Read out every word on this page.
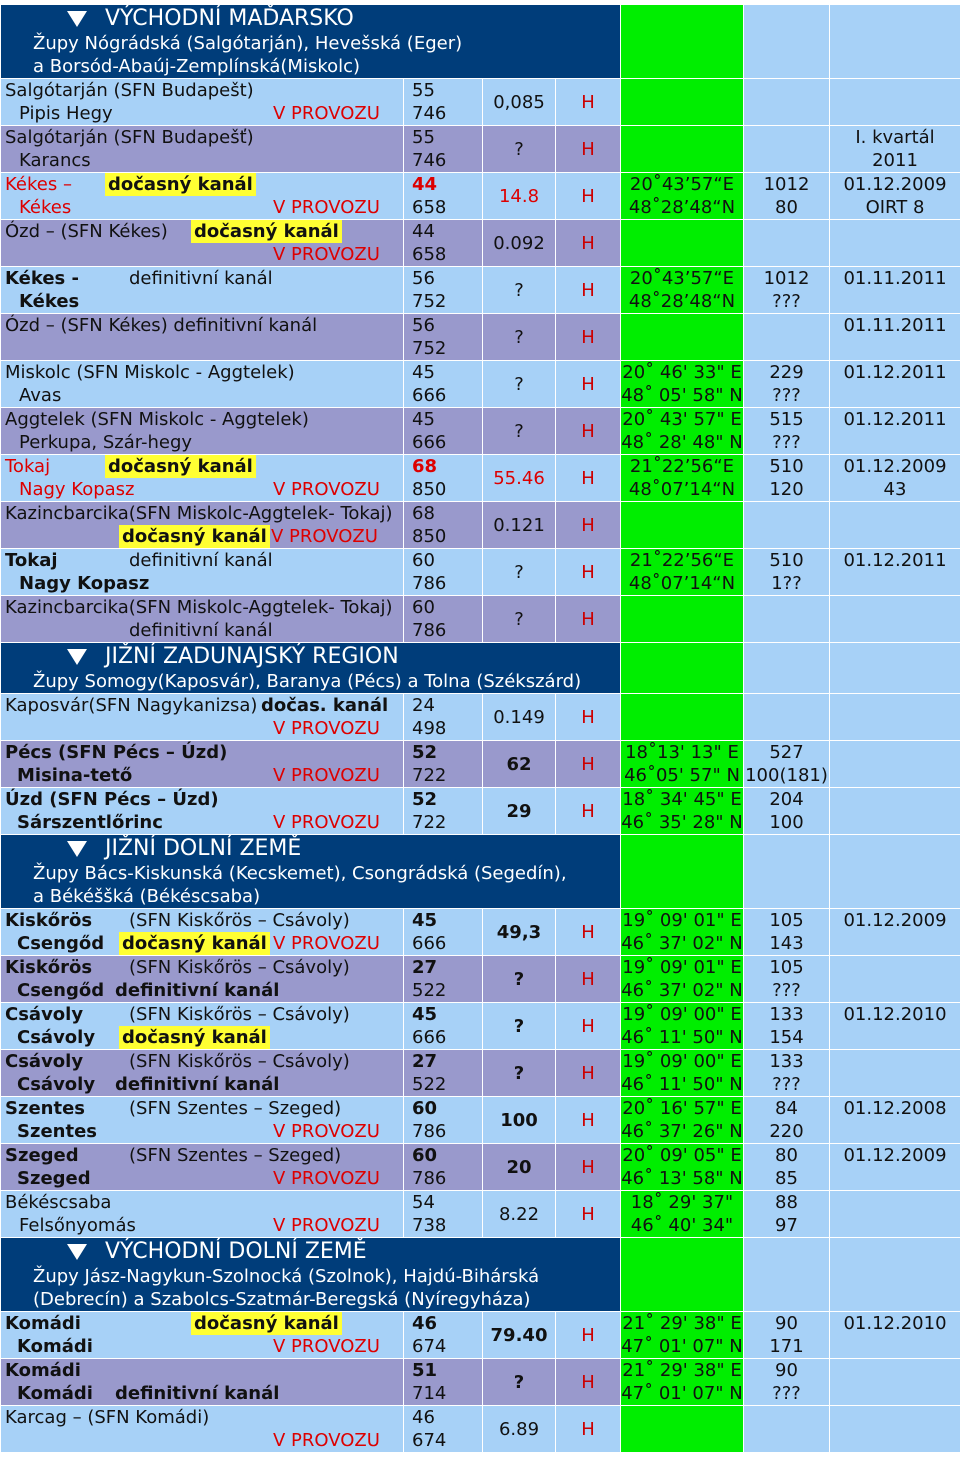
VÝCHODNÍ MAĎARSKO
Župy Nógrádská (Salgótarján), Hevešská (Eger)
a Borsód-Abaúj-Zemplínská(Miskolc)						

Salgótarján (SFN Budapešt)
Pipis Hegy V PROVOZU	55
746	0,085	H	

Salgótarján (SFN Budapešť)
Karancs	55
746	?	H			I. kvartál
2011

Kékes – dočasný kanál
Kékes V PROVOZU	44
658	14.8	H	20˚43’57“E
48˚28’48“N	1012
80	01.12.2009
OIRT 8

Ózd – (SFN Kékes) dočasný kanál
V PROVOZU	44
658	0.092	H	

Kékes - definitivní kanál
Kékes	56
752	?	H	20˚43’57“E
48˚28’48“N	1012
???	01.11.2011

Ózd – (SFN Kékes) definitivní kanál	56
752	?	H			01.11.2011

Miskolc (SFN Miskolc - Aggtelek)
Avas	45
666	?	H	20˚ 46' 33" E
48˚ 05' 58" N	229
???	01.12.2011

Aggtelek (SFN Miskolc - Aggtelek)
Perkupa, Szár-hegy	45
666	?	H	20˚ 43' 57" E
48˚ 28' 48" N	515
???	01.12.2011

Tokaj dočasný kanál
Nagy Kopasz V PROVOZU	68
850	55.46	H	21˚22’56“E
48˚07’14“N	510
120	01.12.2009
43

Kazincbarcika(SFN Miskolc-Aggtelek- Tokaj)
dočasný kanál V PROVOZU	68
850	0.121	H	

Tokaj definitivní kanál
Nagy Kopasz	60
786	?	H	21˚22’56“E
48˚07’14“N	510
1??	01.12.2011

Kazincbarcika(SFN Miskolc-Aggtelek- Tokaj)
definitivní kanál	60
786	?	H	

JIŽNÍ ZADUNAJSKÝ REGION
Župy Somogy(Kaposvár), Baranya (Pécs) a Tolna (Székszárd)						

Kaposvár(SFN Nagykanizsa) dočas. kanál
V PROVOZU	24
498	0.149	H	

Pécs (SFN Pécs – Úzd)
Misina-tető V PROVOZU	52
722	62	H	18˚13' 13" E
46˚05' 57" N	527
100(181)	

Úzd (SFN Pécs – Úzd)
Sárszentlőrinc V PROVOZU	52
722	29	H	18˚ 34' 45" E
46˚ 35' 28" N	204
100	

JIŽNÍ DOLNÍ ZEMĚ
Župy Bács-Kiskunská (Kecskemet), Csongrádská (Segedín),
a Békéššká (Békéscsaba)						

Kiskőrös (SFN Kiskőrös – Csávoly)
Csengőd dočasný kanál V PROVOZU	45
666	49,3	H	19˚ 09' 01" E
46˚ 37' 02" N	105
143	01.12.2009

Kiskőrös (SFN Kiskőrös – Csávoly)
Csengőd definitivní kanál	27
522	?	H	19˚ 09' 01" E
46˚ 37' 02" N	105
???	

Csávoly (SFN Kiskőrös – Csávoly)
Csávoly dočasný kanál	45
666	?	H	19˚ 09' 00" E
46˚ 11' 50" N	133
154	01.12.2010

Csávoly (SFN Kiskőrös – Csávoly)
Csávoly definitivní kanál	27
522	?	H	19˚ 09' 00" E
46˚ 11' 50" N	133
???	

Szentes (SFN Szentes – Szeged)
Szentes V PROVOZU	60
786	100	H	20˚ 16' 57" E
46˚ 37' 26" N	84
220	01.12.2008

Szeged (SFN Szentes – Szeged)
Szeged V PROVOZU	60
786	20	H	20˚ 09' 05" E
46˚ 13' 58" N	80
85	01.12.2009

Békéscsaba
Felsőnyomás V PROVOZU	54
738	8.22	H	18˚ 29' 37"
46˚ 40' 34"	88
97	

VÝCHODNÍ DOLNÍ ZEMĚ
Župy Jász-Nagykun-Szolnocká (Szolnok), Hajdú-Bihárská
(Debrecín) a Szabolcs-Szatmár-Beregská (Nyíregyháza)						

Komádi dočasný kanál
Komádi V PROVOZU	46
674	79.40	H	21˚ 29' 38" E
47˚ 01' 07" N	90
171	01.12.2010

Komádi
Komádi definitivní kanál	51
714	?	H	21˚ 29' 38" E
47˚ 01' 07" N	90
???	

Karcag – (SFN Komádi)
V PROVOZU	46
674	6.89	H	
